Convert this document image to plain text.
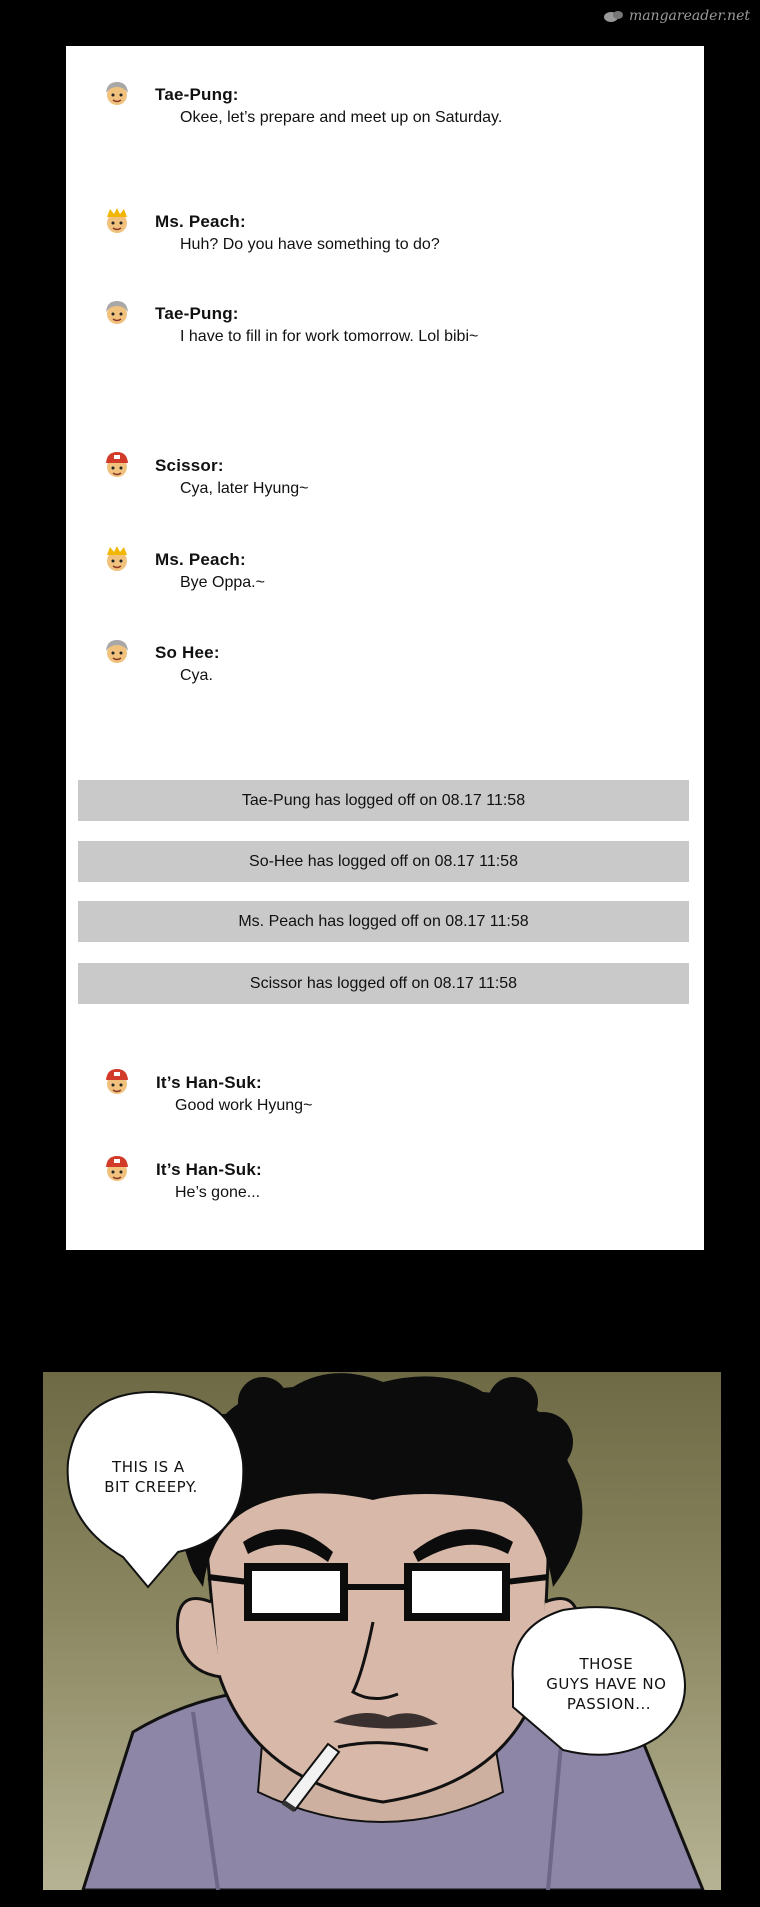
mangareader.net
Tae-Pung:
Okee, let’s prepare and meet up on Saturday.
Ms. Peach:
Huh? Do you have something to do?
Tae-Pung:
I have to fill in for work tomorrow. Lol bibi~
Scissor:
Cya, later Hyung~
Ms. Peach:
Bye Oppa.~
So Hee:
Cya.
Tae-Pung has logged off on 08.17 11:58
So-Hee has logged off on 08.17 11:58
Ms. Peach has logged off on 08.17 11:58
Scissor has logged off on 08.17 11:58
It’s Han-Suk:
Good work Hyung~
It’s Han-Suk:
He’s gone...
THIS IS A BIT CREEPY.
THOSE GUYS HAVE NO PASSION...
